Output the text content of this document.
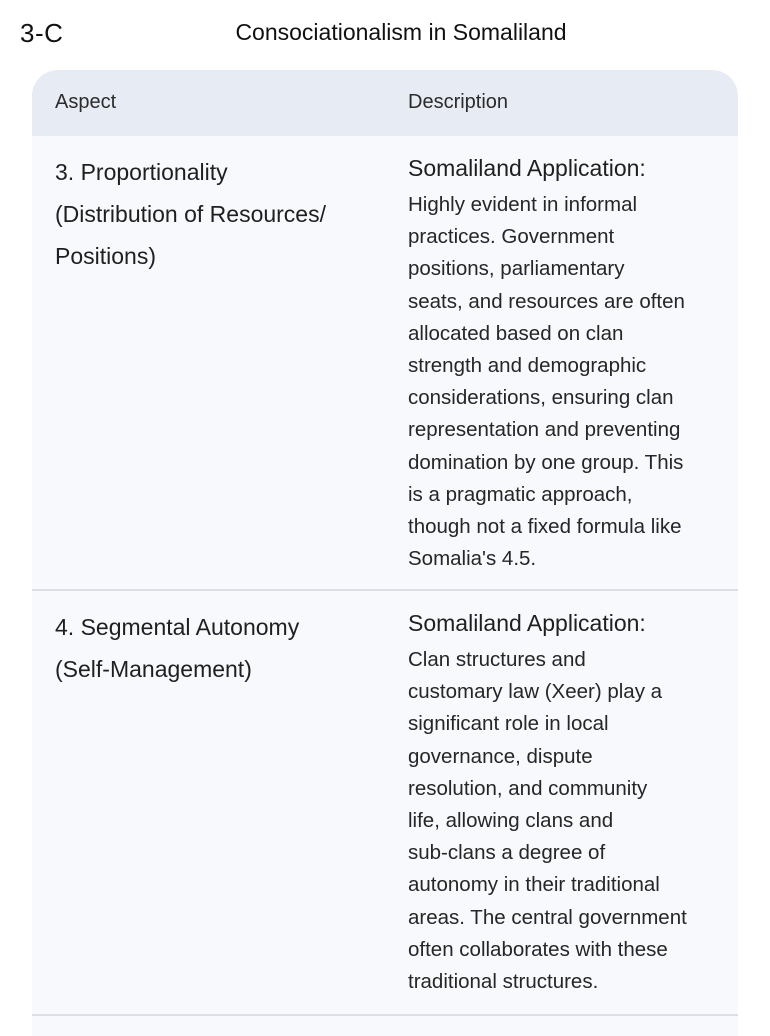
3-C	Consociationalism in Somaliland
Aspect	Description
3. Proportionality
(Distribution of Resources/
Positions)
Somaliland Application:
Highly evident in informal
practices. Government
positions, parliamentary
seats, and resources are often
allocated based on clan
strength and demographic
considerations, ensuring clan
representation and preventing
domination by one group. This
is a pragmatic approach,
though not a fixed formula like
Somalia's 4.5.
4. Segmental Autonomy
(Self-Management)
Somaliland Application:
Clan structures and
customary law (Xeer) play a
significant role in local
governance, dispute
resolution, and community
life, allowing clans and
sub-clans a degree of
autonomy in their traditional
areas. The central government
often collaborates with these
traditional structures.
